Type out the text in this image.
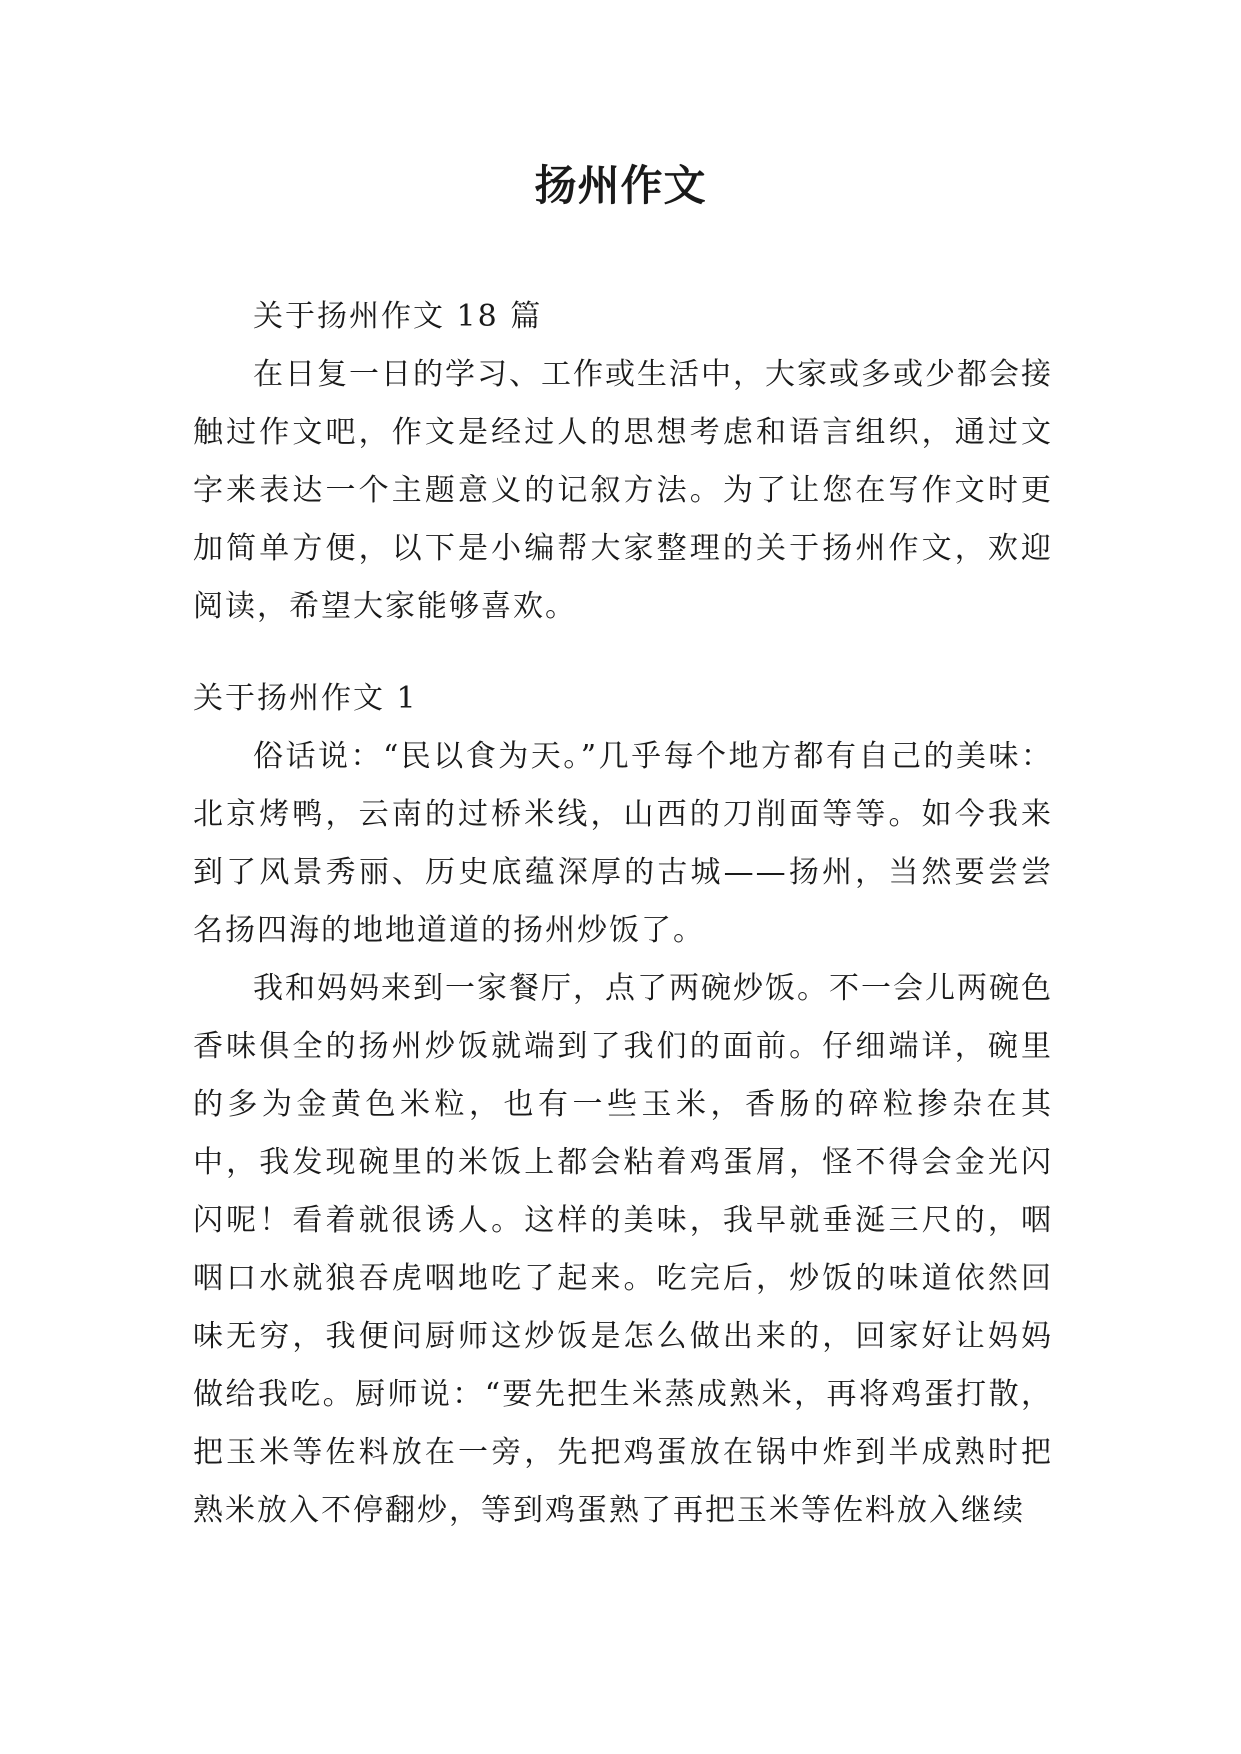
扬州作文

关于扬州作文 18 篇

在日复一日的学习、工作或生活中，大家或多或少都会接触过作文吧，作文是经过人的思想考虑和语言组织，通过文字来表达一个主题意义的记叙方法。为了让您在写作文时更加简单方便，以下是小编帮大家整理的关于扬州作文，欢迎阅读，希望大家能够喜欢。

关于扬州作文 1

俗话说：“民以食为天。”几乎每个地方都有自己的美味：北京烤鸭，云南的过桥米线，山西的刀削面等等。如今我来到了风景秀丽、历史底蕴深厚的古城——扬州，当然要尝尝名扬四海的地地道道的扬州炒饭了。

我和妈妈来到一家餐厅，点了两碗炒饭。不一会儿两碗色香味俱全的扬州炒饭就端到了我们的面前。仔细端详，碗里的多为金黄色米粒，也有一些玉米，香肠的碎粒掺杂在其中，我发现碗里的米饭上都会粘着鸡蛋屑，怪不得会金光闪闪呢！看着就很诱人。这样的美味，我早就垂涎三尺的，咽咽口水就狼吞虎咽地吃了起来。吃完后，炒饭的味道依然回味无穷，我便问厨师这炒饭是怎么做出来的，回家好让妈妈做给我吃。厨师说：“要先把生米蒸成熟米，再将鸡蛋打散，把玉米等佐料放在一旁，先把鸡蛋放在锅中炸到半成熟时把熟米放入不停翻炒，等到鸡蛋熟了再把玉米等佐料放入继续
